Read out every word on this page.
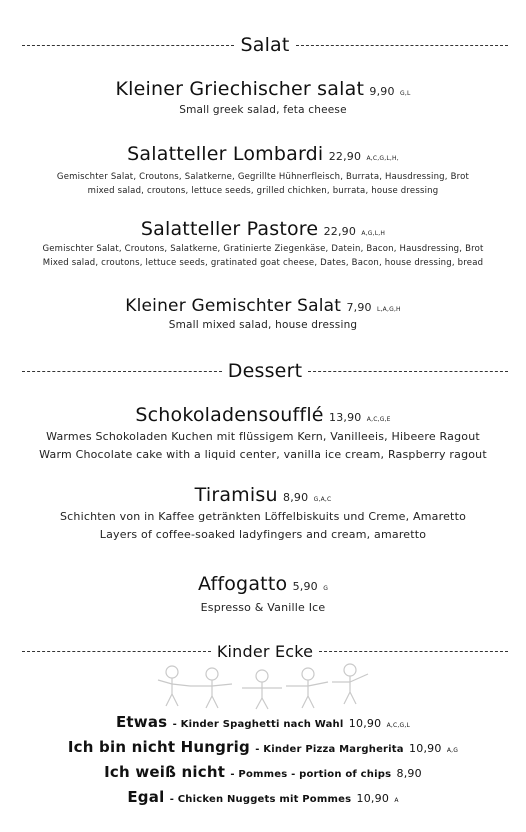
Salat
Kleiner Griechischer salat 9,90 G,L
Small greek salad, feta cheese
Salatteller Lombardi 22,90 A,C,G,L,H,
Gemischter Salat, Croutons, Salatkerne, Gegrillte Hühnerfleisch, Burrata, Hausdressing, Brot
mixed salad, croutons, lettuce seeds, grilled chichken, burrata, house dressing
Salatteller Pastore 22,90 A,G,L,H
Gemischter Salat, Croutons, Salatkerne, Gratinierte Ziegenkäse, Datein, Bacon, Hausdressing, Brot
Mixed salad, croutons, lettuce seeds, gratinated goat cheese, Dates, Bacon, house dressing, bread
Kleiner Gemischter Salat 7,90 L,A,G,H
Small mixed salad, house dressing
Dessert
Schokoladensoufflé 13,90 A,C,G,E
Warmes Schokoladen Kuchen mit flüssigem Kern, Vanilleeis, Hibeere Ragout
Warm Chocolate cake with a liquid center, vanilla ice cream, Raspberry ragout
Tiramisu 8,90 G,A,C
Schichten von in Kaffee getränkten Löffelbiskuits und Creme, Amaretto
Layers of coffee-soaked ladyfingers and cream, amaretto
Affogatto 5,90 G
Espresso & Vanille Ice
Kinder Ecke
Etwas - Kinder Spaghetti nach Wahl 10,90 A,C,G,L
Ich bin nicht Hungrig - Kinder Pizza Margherita 10,90 A,G
Ich weiß nicht - Pommes - portion of chips 8,90
Egal - Chicken Nuggets mit Pommes 10,90 A
